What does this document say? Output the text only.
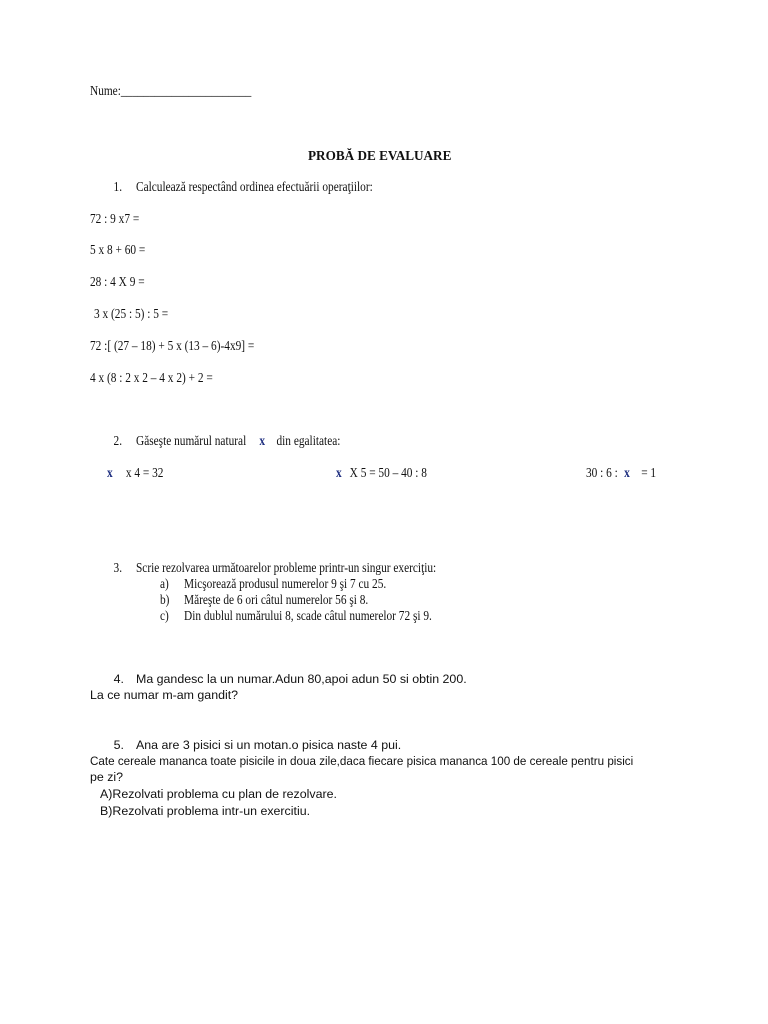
Nume:_______________________
PROBĂ DE EVALUARE
1. Calculează respectând ordinea efectuării operaţiilor:
72 : 9 x7 =
5 x 8 + 60 =
28 : 4 X 9 =
3 x (25 : 5) : 5 =
72 :[ (27 – 18) + 5 x (13 – 6)-4x9] =
4 x (8 : 2 x 2 – 4 x 2) + 2 =
2. Găseşte numărul natural x din egalitatea:
x x 4 = 32	x X 5 = 50 – 40 : 8	30 : 6 : x = 1
3. Scrie rezolvarea următoarelor probleme printr-un singur exerciţiu:
a) Micşorează produsul numerelor 9 şi 7 cu 25.
b) Măreşte de 6 ori câtul numerelor 56 şi 8.
c) Din dublul numărului 8, scade câtul numerelor 72 şi 9.
4. Ma gandesc la un numar.Adun 80,apoi adun 50 si obtin 200.
La ce numar m-am gandit?
5. Ana are 3 pisici si un motan.o pisica naste 4 pui.
Cate cereale mananca toate pisicile in doua zile,daca fiecare pisica mananca 100 de cereale pentru pisici
pe zi?
A)Rezolvati problema cu plan de rezolvare.
B)Rezolvati problema intr-un exercitiu.
